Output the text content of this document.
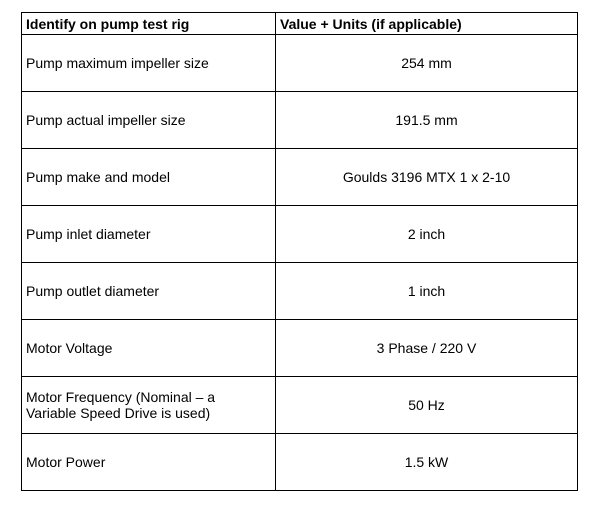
Identify on pump test rig	Value + Units (if applicable)
Pump maximum impeller size	254 mm
Pump actual impeller size	191.5 mm
Pump make and model	Goulds 3196 MTX 1 x 2-10
Pump inlet diameter	2 inch
Pump outlet diameter	1 inch
Motor Voltage	3 Phase / 220 V
Motor Frequency (Nominal – a
Variable Speed Drive is used)	50 Hz
Motor Power	1.5 kW
